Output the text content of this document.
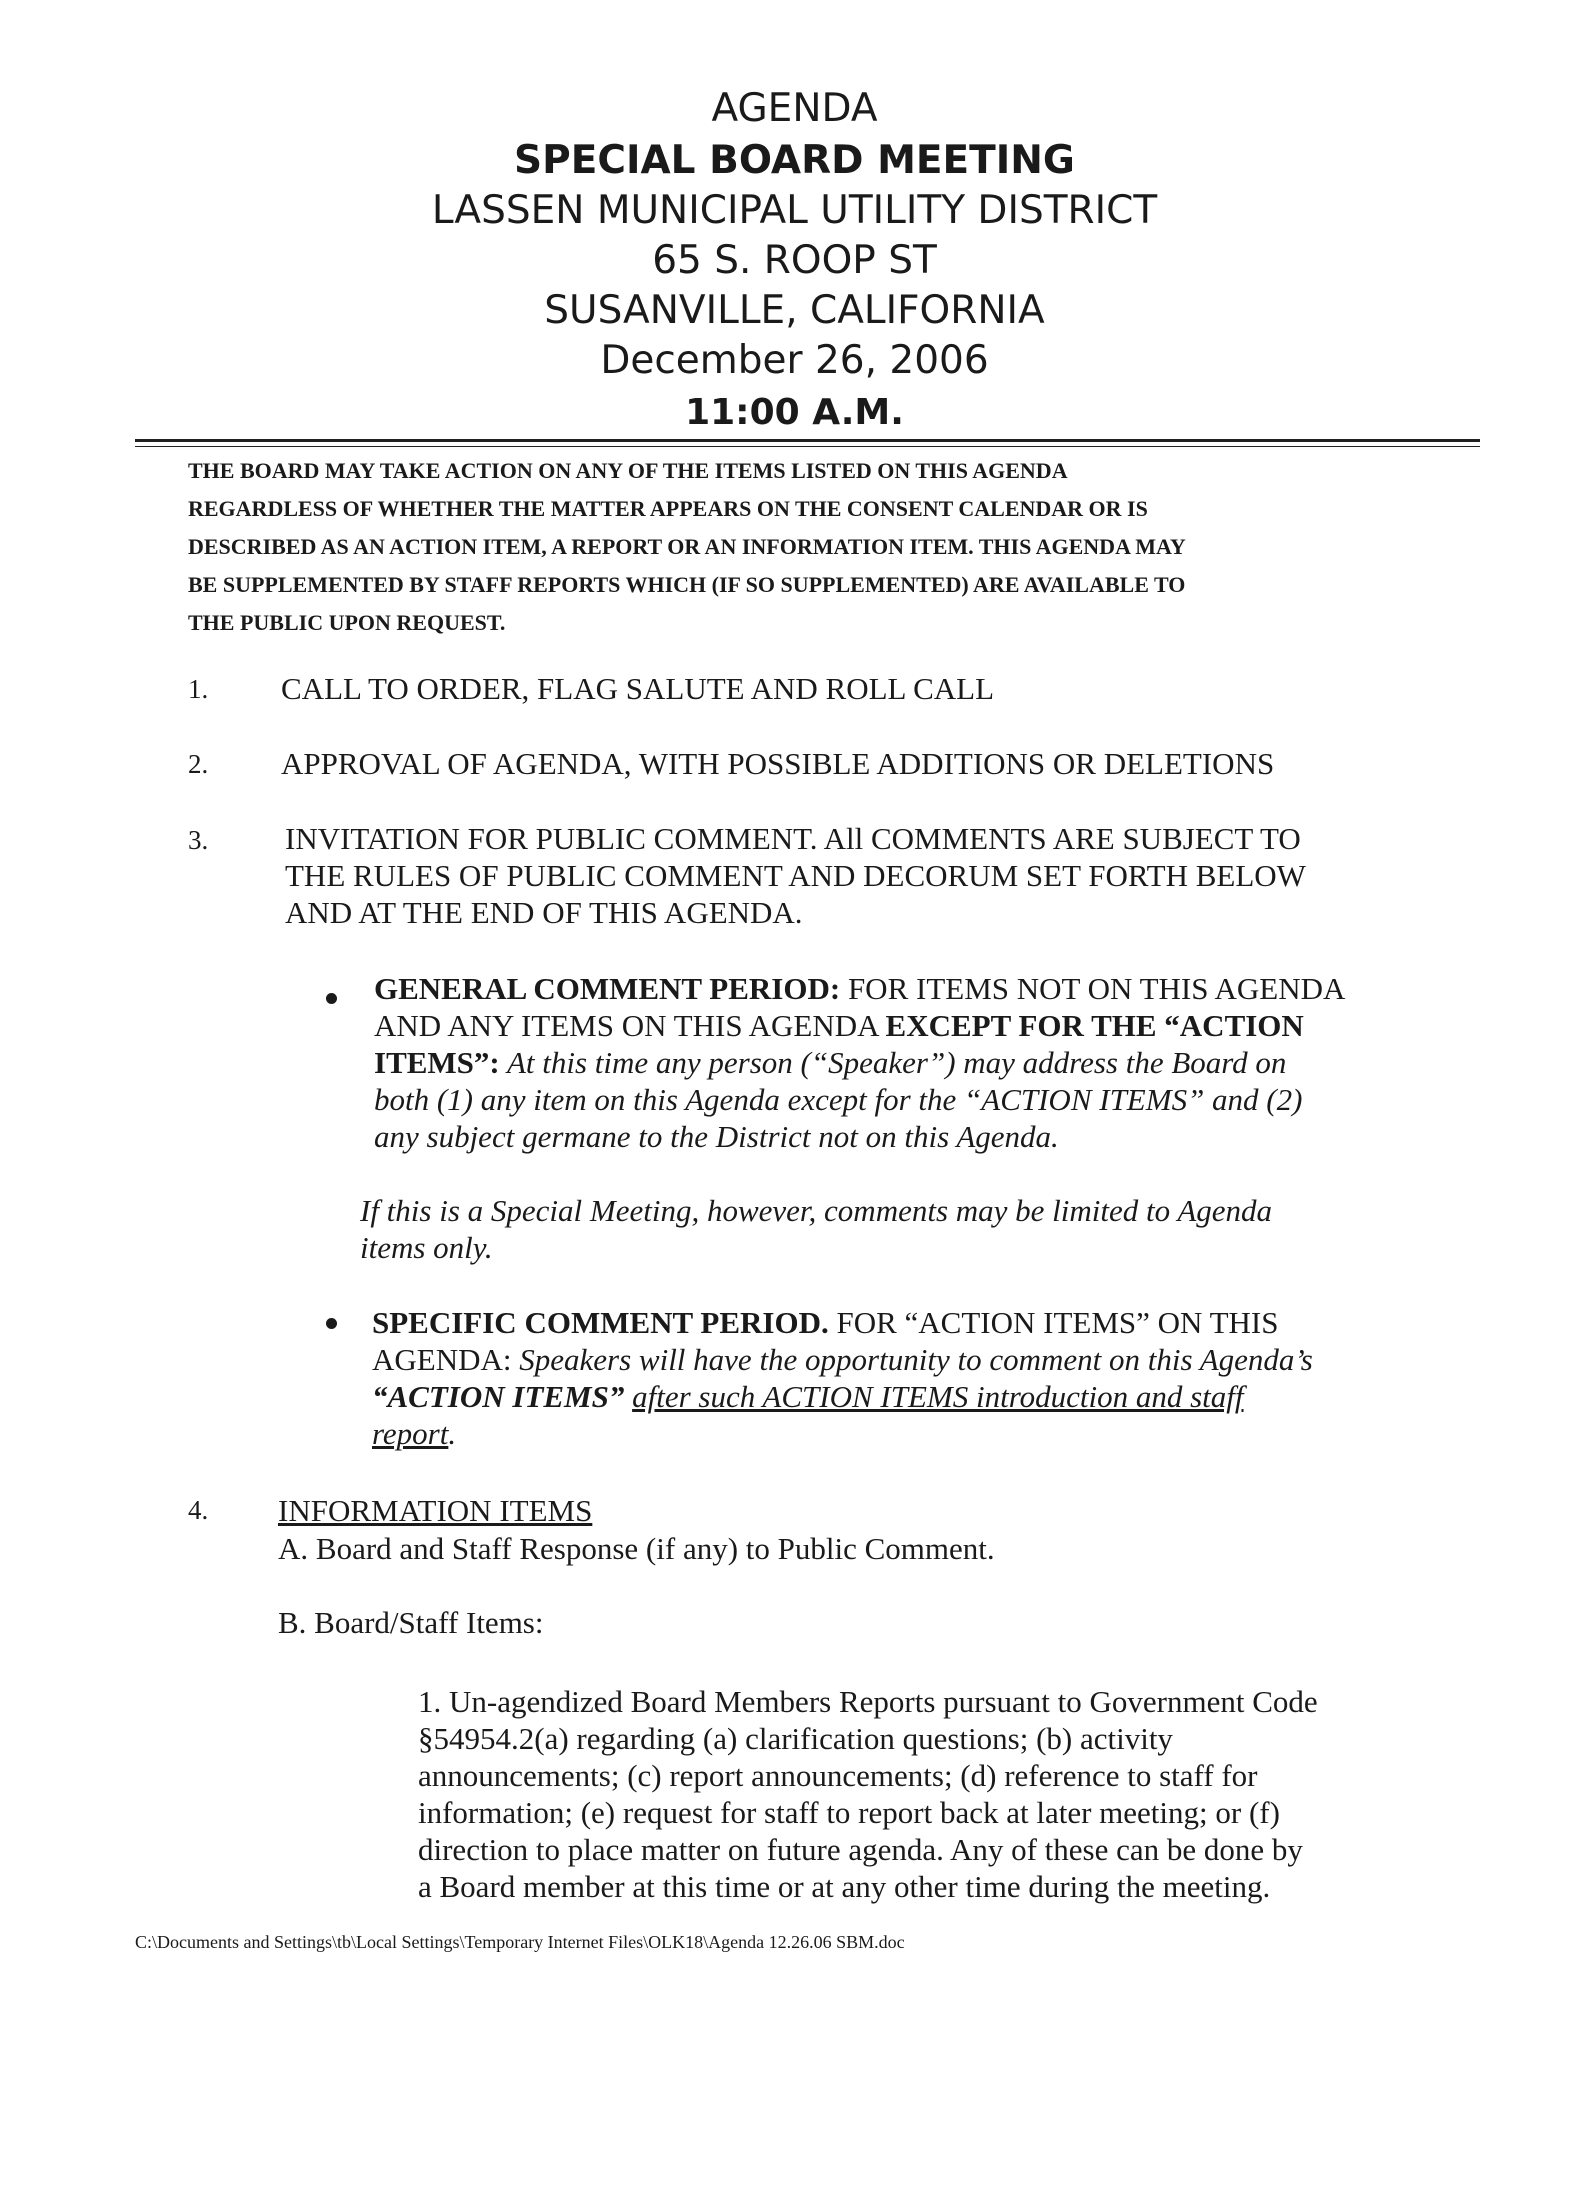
AGENDA
SPECIAL BOARD MEETING
LASSEN MUNICIPAL UTILITY DISTRICT
65 S. ROOP ST
SUSANVILLE, CALIFORNIA
December 26, 2006
11:00 A.M.

THE BOARD MAY TAKE ACTION ON ANY OF THE ITEMS LISTED ON THIS AGENDA
REGARDLESS OF WHETHER THE MATTER APPEARS ON THE CONSENT CALENDAR OR IS
DESCRIBED AS AN ACTION ITEM, A REPORT OR AN INFORMATION ITEM. THIS AGENDA MAY
BE SUPPLEMENTED BY STAFF REPORTS WHICH (IF SO SUPPLEMENTED) ARE AVAILABLE TO
THE PUBLIC UPON REQUEST.

1. CALL TO ORDER, FLAG SALUTE AND ROLL CALL
2. APPROVAL OF AGENDA, WITH POSSIBLE ADDITIONS OR DELETIONS
3. INVITATION FOR PUBLIC COMMENT. All COMMENTS ARE SUBJECT TO
THE RULES OF PUBLIC COMMENT AND DECORUM SET FORTH BELOW
AND AT THE END OF THIS AGENDA.
GENERAL COMMENT PERIOD: FOR ITEMS NOT ON THIS AGENDA
AND ANY ITEMS ON THIS AGENDA EXCEPT FOR THE “ACTION
ITEMS”: At this time any person (“Speaker”) may address the Board on
both (1) any item on this Agenda except for the “ACTION ITEMS” and (2)
any subject germane to the District not on this Agenda.
If this is a Special Meeting, however, comments may be limited to Agenda
items only.
SPECIFIC COMMENT PERIOD. FOR “ACTION ITEMS” ON THIS
AGENDA: Speakers will have the opportunity to comment on this Agenda’s
“ACTION ITEMS” after such ACTION ITEMS introduction and staff
report.
4. INFORMATION ITEMS
A. Board and Staff Response (if any) to Public Comment.
B. Board/Staff Items:
1. Un-agendized Board Members Reports pursuant to Government Code
§54954.2(a) regarding (a) clarification questions; (b) activity
announcements; (c) report announcements; (d) reference to staff for
information; (e) request for staff to report back at later meeting; or (f)
direction to place matter on future agenda. Any of these can be done by
a Board member at this time or at any other time during the meeting.
C:\Documents and Settings\tb\Local Settings\Temporary Internet Files\OLK18\Agenda 12.26.06 SBM.doc
